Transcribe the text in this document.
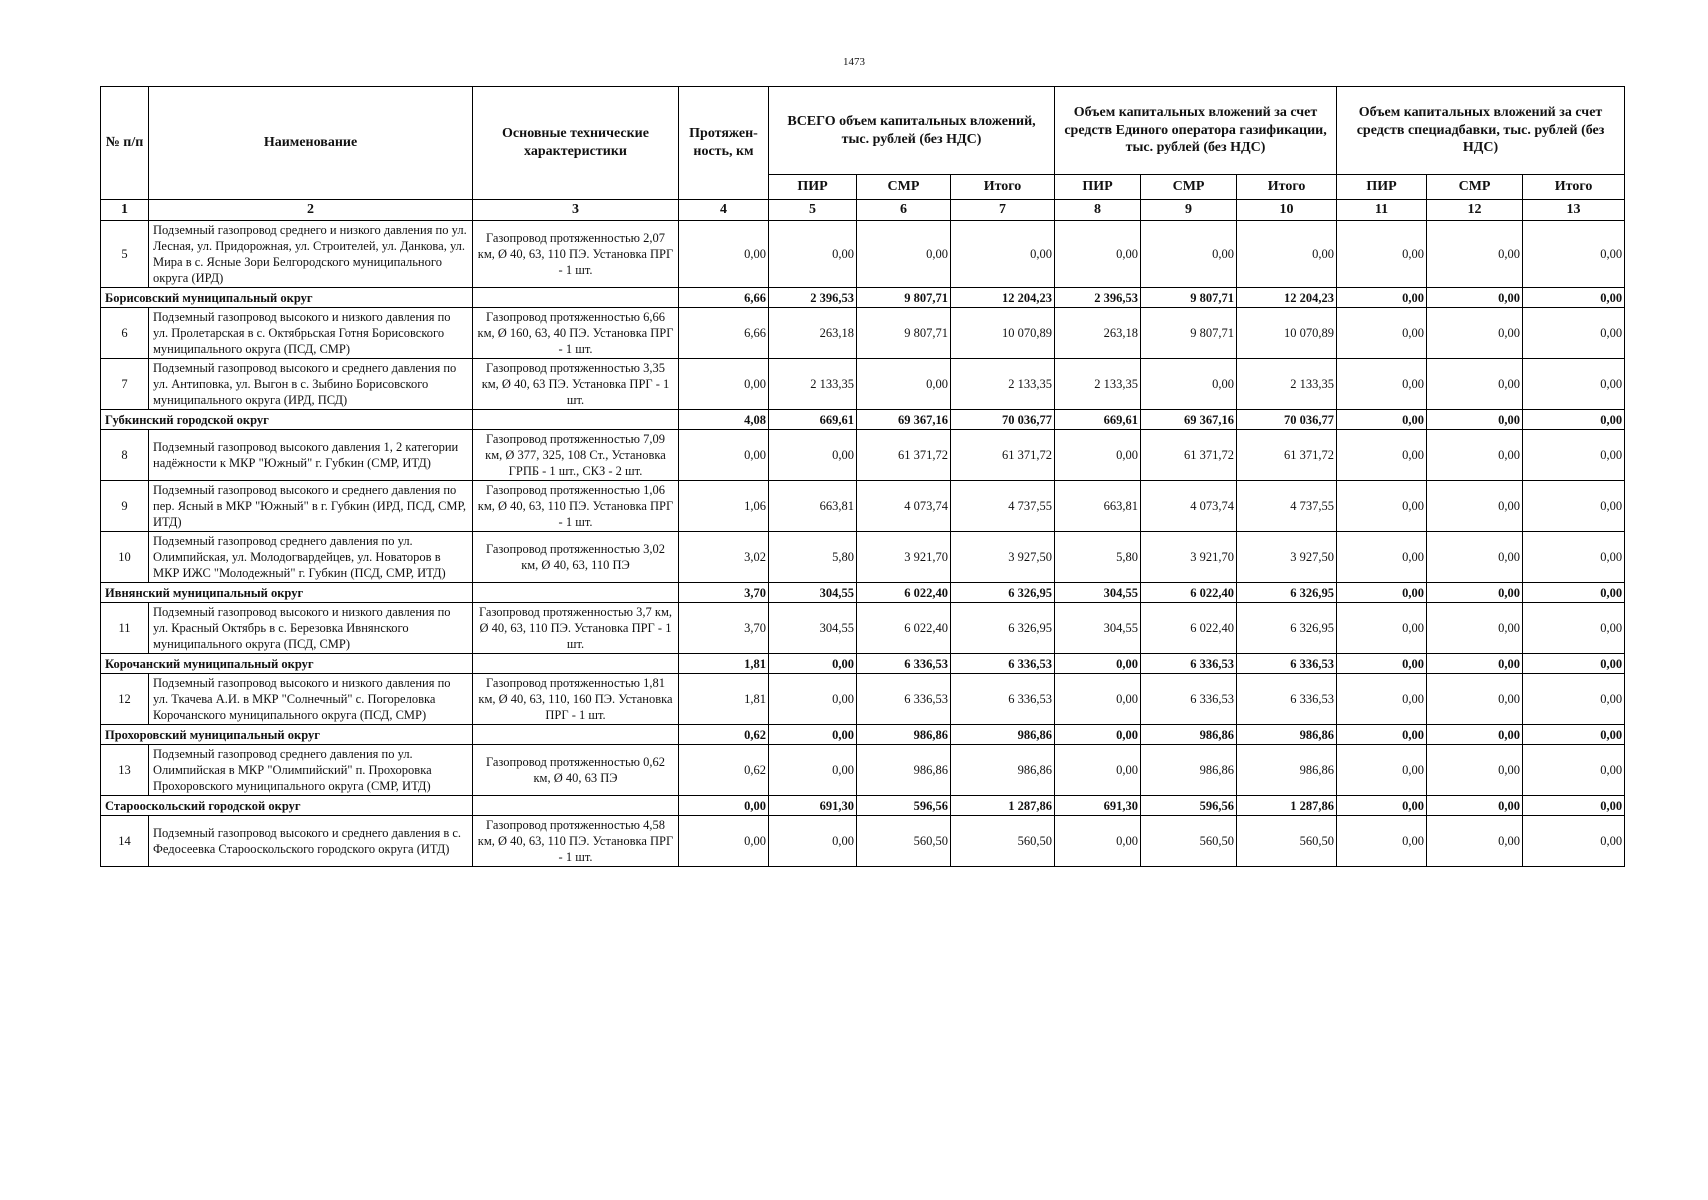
1473
№ п/п	Наименование	Основные технические характеристики	Протяжен-ность, км	ВСЕГО объем капитальных вложений, тыс. рублей (без НДС)			Объем капитальных вложений за счет средств Единого оператора газификации, тыс. рублей (без НДС)			Объем капитальных вложений за счет средств специадбавки, тыс. рублей (без НДС)		
				ПИР	СМР	Итого	ПИР	СМР	Итого	ПИР	СМР	Итого
1	2	3	4	5	6	7	8	9	10	11	12	13
5	Подземный газопровод среднего и низкого давления по ул. Лесная, ул. Придорожная, ул. Строителей, ул. Данкова, ул. Мира в с. Ясные Зори Белгородского муниципального округа (ИРД)	Газопровод протяженностью 2,07 км, Ø 40, 63, 110 ПЭ. Установка ПРГ - 1 шт.	0,00	0,00	0,00	0,00	0,00	0,00	0,00	0,00	0,00	0,00
Борисовский муниципальный округ			6,66	2 396,53	9 807,71	12 204,23	2 396,53	9 807,71	12 204,23	0,00	0,00	0,00
6	Подземный газопровод высокого и низкого давления по ул. Пролетарская в с. Октябрьская Готня Борисовского муниципального округа (ПСД, СМР)	Газопровод протяженностью 6,66 км, Ø 160, 63, 40 ПЭ. Установка ПРГ - 1 шт.	6,66	263,18	9 807,71	10 070,89	263,18	9 807,71	10 070,89	0,00	0,00	0,00
7	Подземный газопровод высокого и среднего давления по ул. Антиповка, ул. Выгон в с. Зыбино Борисовского муниципального округа (ИРД, ПСД)	Газопровод протяженностью 3,35 км, Ø 40, 63 ПЭ. Установка ПРГ - 1 шт.	0,00	2 133,35	0,00	2 133,35	2 133,35	0,00	2 133,35	0,00	0,00	0,00
Губкинский городской округ			4,08	669,61	69 367,16	70 036,77	669,61	69 367,16	70 036,77	0,00	0,00	0,00
8	Подземный газопровод высокого давления 1, 2 категории надёжности к МКР "Южный" г. Губкин (СМР, ИТД)	Газопровод протяженностью 7,09 км, Ø 377, 325, 108 Ст., Установка ГРПБ - 1 шт., СКЗ - 2 шт.	0,00	0,00	61 371,72	61 371,72	0,00	61 371,72	61 371,72	0,00	0,00	0,00
9	Подземный газопровод высокого и среднего давления по пер. Ясный в МКР "Южный" в г. Губкин (ИРД, ПСД, СМР, ИТД)	Газопровод протяженностью 1,06 км, Ø 40, 63, 110 ПЭ. Установка ПРГ - 1 шт.	1,06	663,81	4 073,74	4 737,55	663,81	4 073,74	4 737,55	0,00	0,00	0,00
10	Подземный газопровод среднего давления по ул. Олимпийская, ул. Молодогвардейцев, ул. Новаторов в МКР ИЖС "Молодежный" г. Губкин (ПСД, СМР, ИТД)	Газопровод протяженностью 3,02 км, Ø 40, 63, 110 ПЭ	3,02	5,80	3 921,70	3 927,50	5,80	3 921,70	3 927,50	0,00	0,00	0,00
Ивнянский муниципальный округ			3,70	304,55	6 022,40	6 326,95	304,55	6 022,40	6 326,95	0,00	0,00	0,00
11	Подземный газопровод высокого и низкого давления по ул. Красный Октябрь в с. Березовка Ивнянского муниципального округа (ПСД, СМР)	Газопровод протяженностью 3,7 км, Ø 40, 63, 110 ПЭ. Установка ПРГ - 1 шт.	3,70	304,55	6 022,40	6 326,95	304,55	6 022,40	6 326,95	0,00	0,00	0,00
Корочанский муниципальный округ			1,81	0,00	6 336,53	6 336,53	0,00	6 336,53	6 336,53	0,00	0,00	0,00
12	Подземный газопровод высокого и низкого давления по ул. Ткачева А.И. в МКР "Солнечный" с. Погореловка Корочанского муниципального округа (ПСД, СМР)	Газопровод протяженностью 1,81 км, Ø 40, 63, 110, 160 ПЭ. Установка ПРГ - 1 шт.	1,81	0,00	6 336,53	6 336,53	0,00	6 336,53	6 336,53	0,00	0,00	0,00
Прохоровский муниципальный округ			0,62	0,00	986,86	986,86	0,00	986,86	986,86	0,00	0,00	0,00
13	Подземный газопровод среднего давления по ул. Олимпийская в МКР "Олимпийский" п. Прохоровка Прохоровского муниципального округа (СМР, ИТД)	Газопровод протяженностью 0,62 км, Ø 40, 63 ПЭ	0,62	0,00	986,86	986,86	0,00	986,86	986,86	0,00	0,00	0,00
Старооскольский городской округ			0,00	691,30	596,56	1 287,86	691,30	596,56	1 287,86	0,00	0,00	0,00
14	Подземный газопровод высокого и среднего давления в с. Федосеевка Старооскольского городского округа (ИТД)	Газопровод протяженностью 4,58 км, Ø 40, 63, 110 ПЭ. Установка ПРГ - 1 шт.	0,00	0,00	560,50	560,50	0,00	560,50	560,50	0,00	0,00	0,00
